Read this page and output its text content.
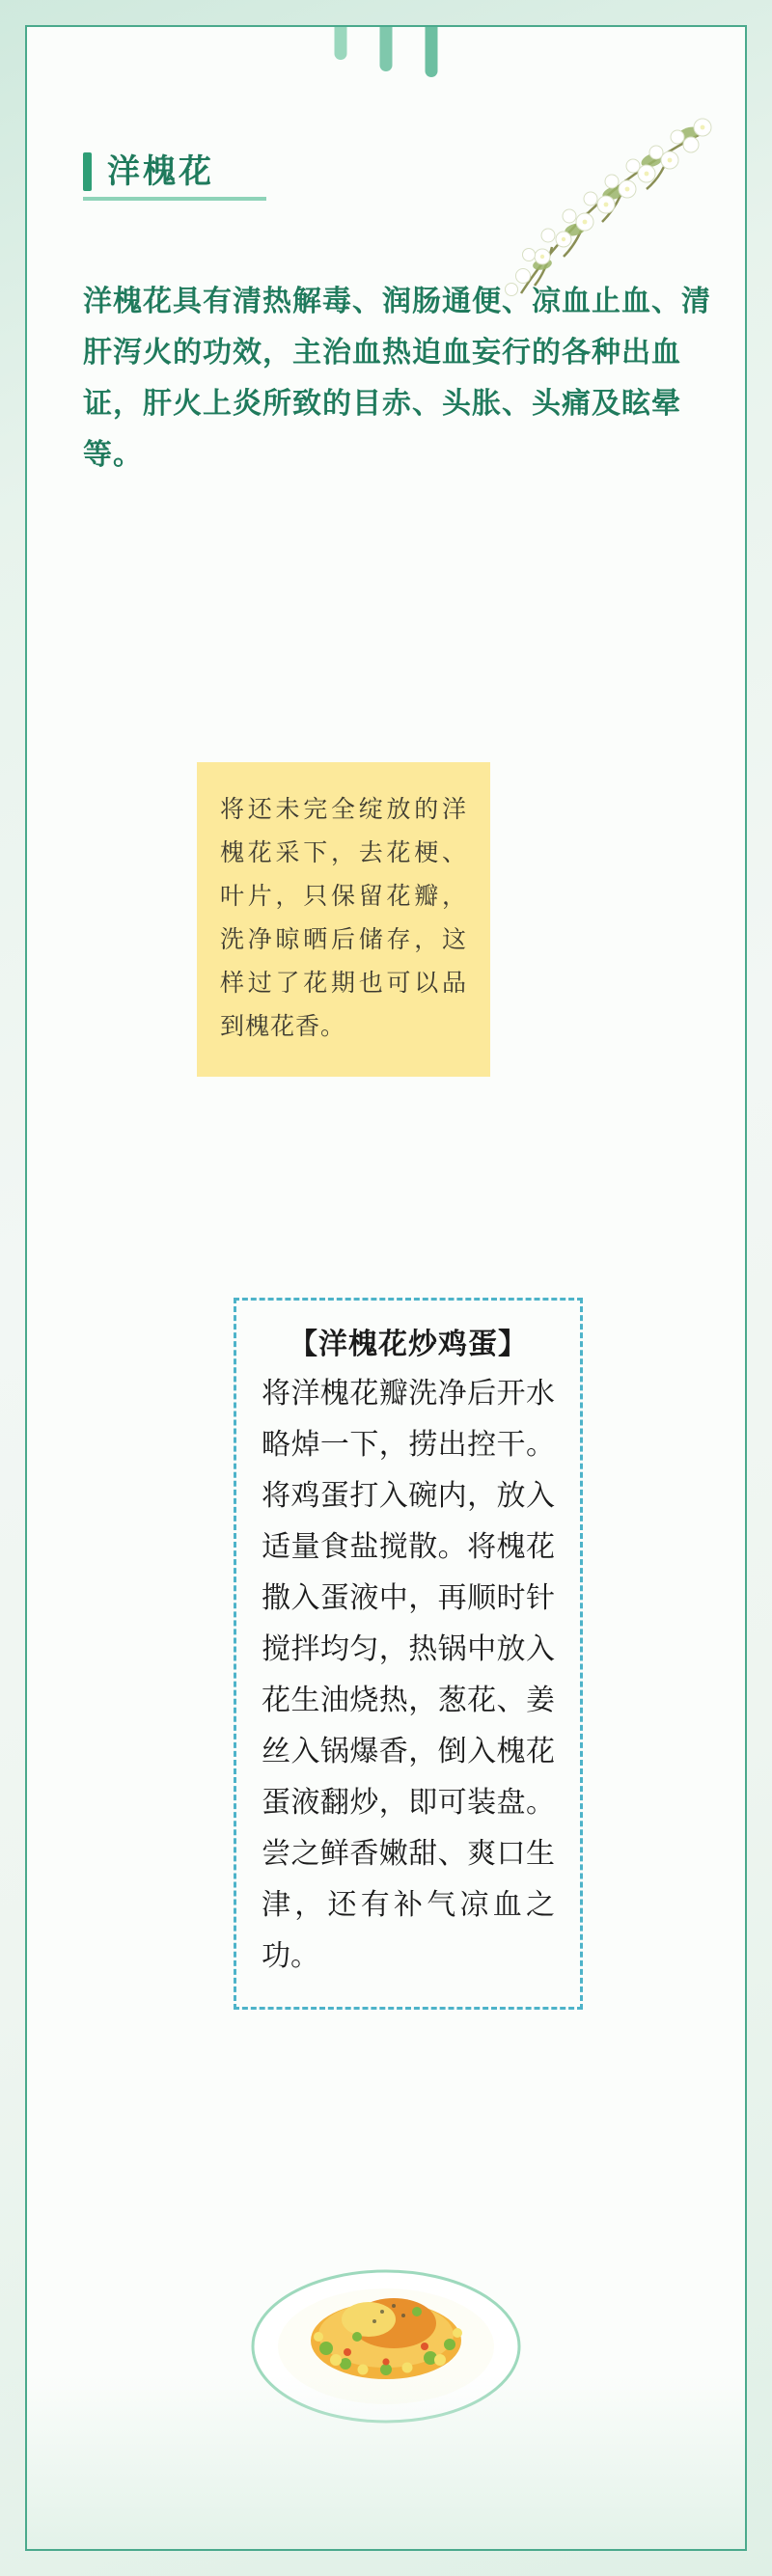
洋槐花
洋槐花具有清热解毒、润肠通便、凉血止血、清肝泻火的功效，主治血热迫血妄行的各种出血证，肝火上炎所致的目赤、头胀、头痛及眩晕等。
将还未完全绽放的洋槐花采下，去花梗、叶片，只保留花瓣，洗净晾晒后储存，这样过了花期也可以品到槐花香。
【洋槐花炒鸡蛋】
将洋槐花瓣洗净后开水略焯一下，捞出控干。将鸡蛋打入碗内，放入适量食盐搅散。将槐花撒入蛋液中，再顺时针搅拌均匀，热锅中放入花生油烧热，葱花、姜丝入锅爆香，倒入槐花蛋液翻炒，即可装盘。尝之鲜香嫩甜、爽口生津，还有补气凉血之功。
